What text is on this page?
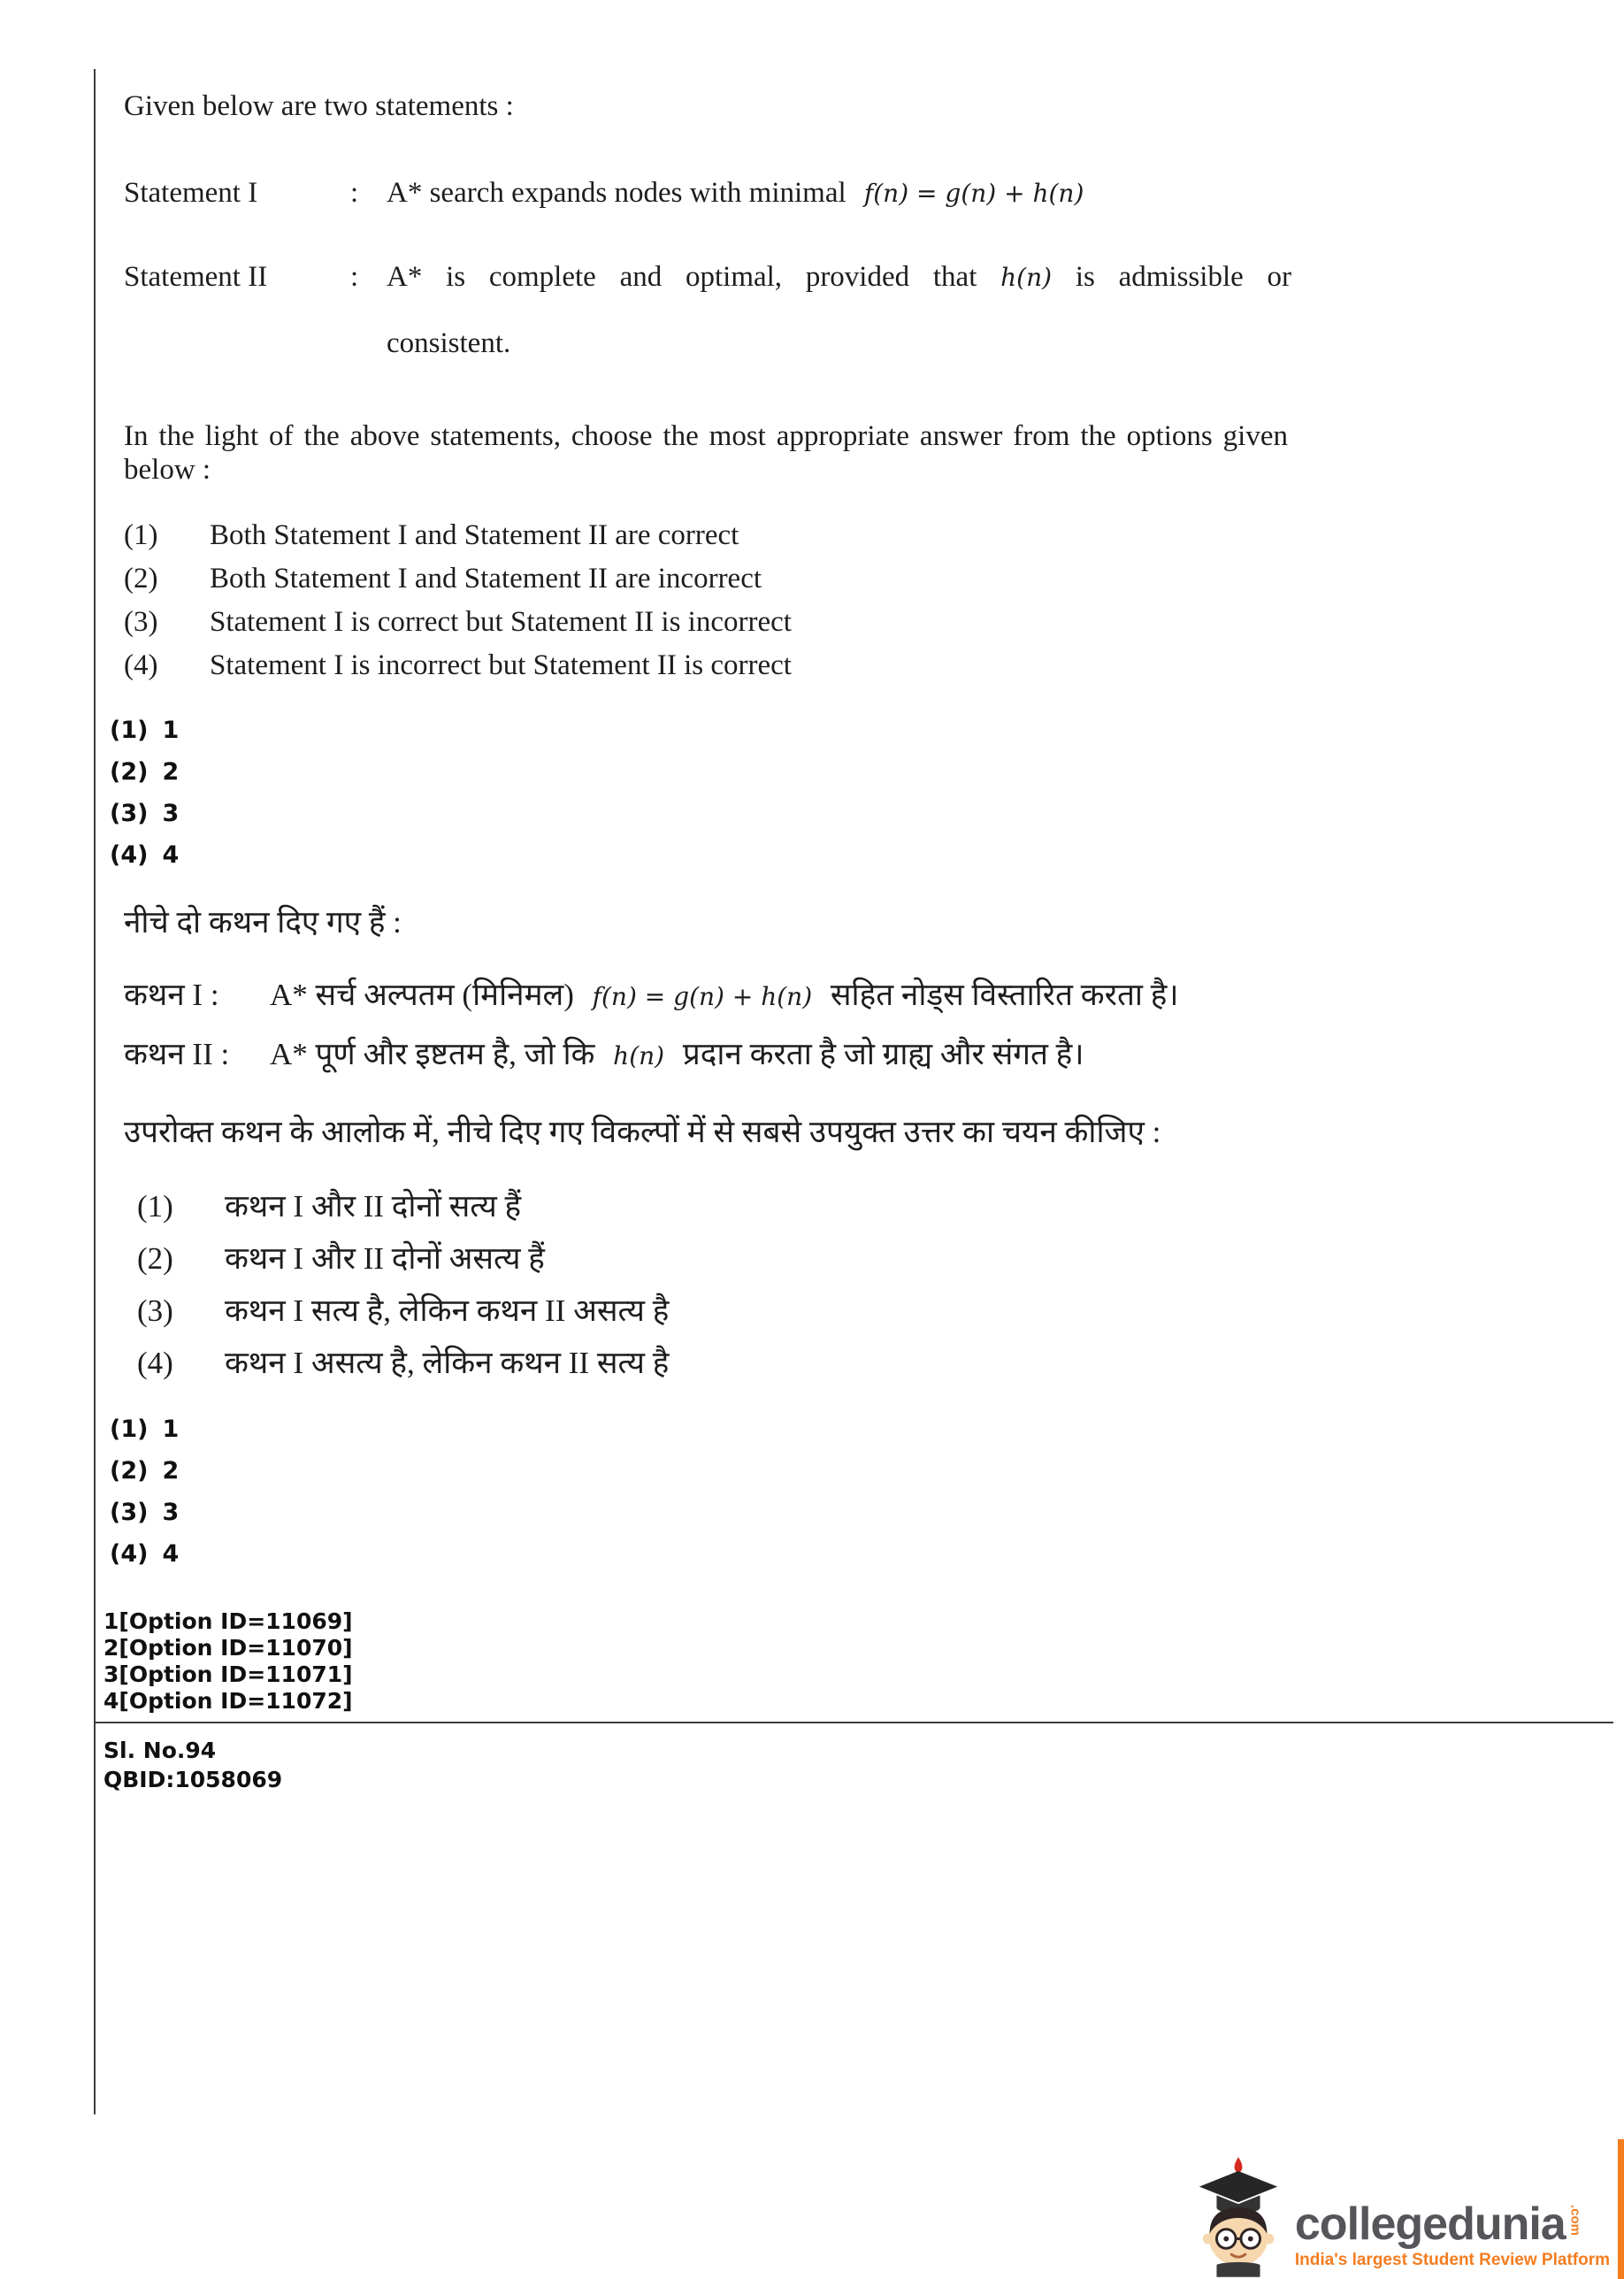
Given below are two statements :
Statement I	: A* search expands nodes with minimal f(n) = g(n) + h(n)
Statement II	: A* is complete and optimal, provided that h(n) is admissible or
consistent.
In the light of the above statements, choose the most appropriate answer from the options given below :
(1)	Both Statement I and Statement II are correct
(2)	Both Statement I and Statement II are incorrect
(3)	Statement I is correct but Statement II is incorrect
(4)	Statement I is incorrect but Statement II is correct
(1) 1
(2) 2
(3) 3
(4) 4
नीचे दो कथन दिए गए हैं :
कथन I :	A* सर्च अल्पतम (मिनिमल) f(n) = g(n) + h(n) सहित नोड्स विस्तारित करता है।
कथन II :	A* पूर्ण और इष्टतम है, जो कि h(n) प्रदान करता है जो ग्राह्य और संगत है।
उपरोक्त कथन के आलोक में, नीचे दिए गए विकल्पों में से सबसे उपयुक्त उत्तर का चयन कीजिए :
(1)	कथन I और II दोनों सत्य हैं
(2)	कथन I और II दोनों असत्य हैं
(3)	कथन I सत्य है, लेकिन कथन II असत्य है
(4)	कथन I असत्य है, लेकिन कथन II सत्य है
(1) 1
(2) 2
(3) 3
(4) 4
1[Option ID=11069]
2[Option ID=11070]
3[Option ID=11071]
4[Option ID=11072]
Sl. No.94
QBID:1058069
collegedunia .com
India's largest Student Review Platform
